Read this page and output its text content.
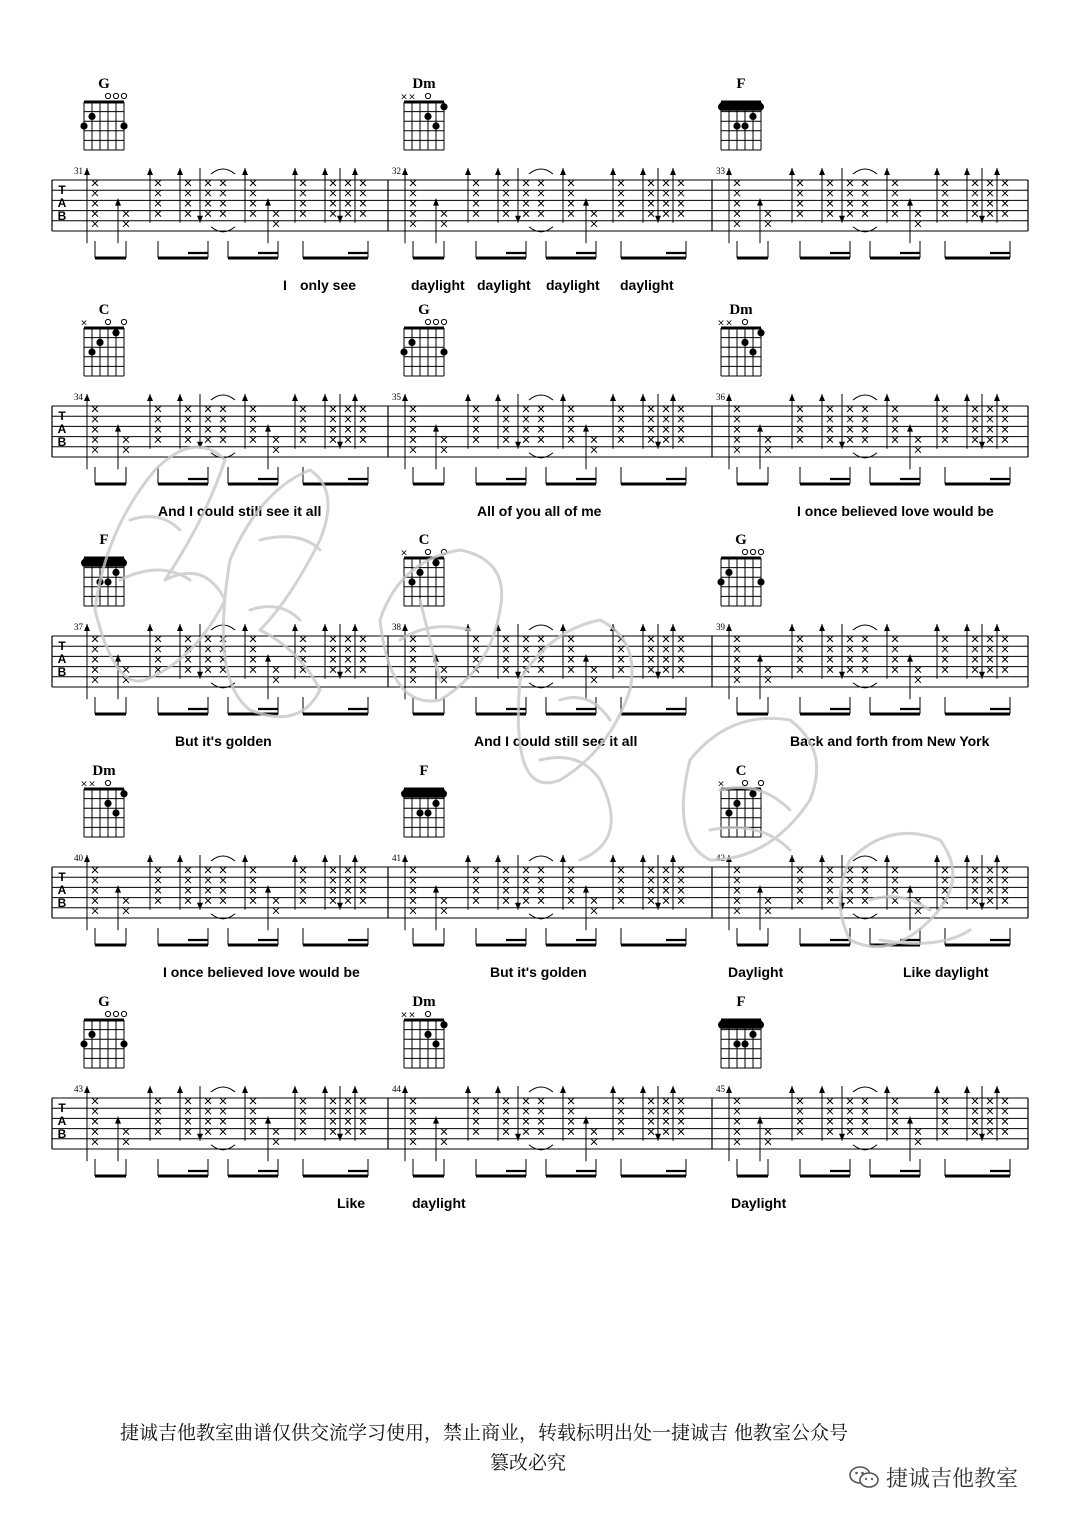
T
A
B
31
G
I only see
32
Dm
× ×
daylight daylight daylight daylight
33
F
T
A
B
34
C
×
And I could still see it all
35
G
All of you all of me
36
Dm
× ×
I once believed love would be
T
A
B
37
F
But it's golden
38
C
×
And I could still see it all
39
G
Back and forth from New York
T
A
B
40
Dm
× ×
I once believed love would be
41
F
But it's golden
42
C
×
Daylight	Like daylight
T
A
B
43
G
Like	daylight
44
Dm
× ×
45
F
Daylight
捷诚吉他教室曲谱仅供交流学习使用，禁止商业，转载标明出处一捷诚吉 他教室公众号
篡改必究
捷诚吉他教室
